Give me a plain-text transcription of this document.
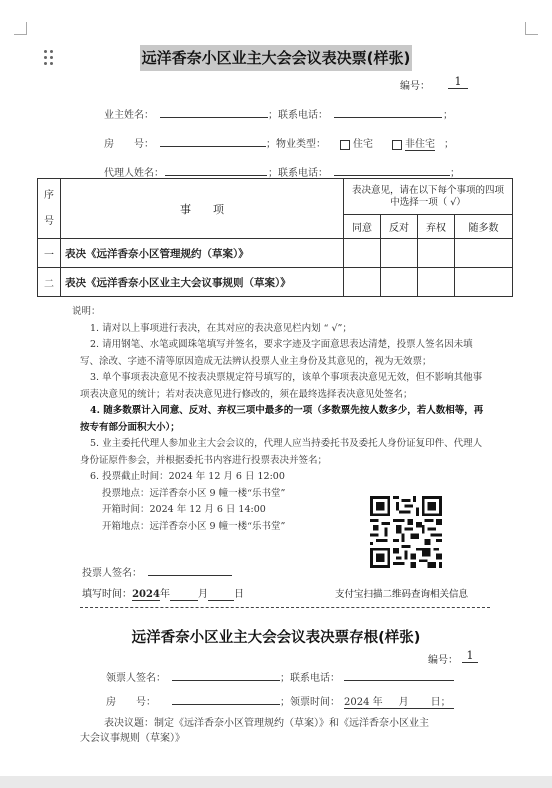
远洋香奈小区业主大会会议表决票(样张)
编号：	1
业主姓名：	；联系电话：	；
房　　号：	；物业类型：	住宅	非住宅 ；
代理人姓名：	；联系电话：	；
序
号	事　　项	表决意见，请在以下每个事项的四项中选择一项（ √）			
		同意	反对	弃权	随多数
一	表决《远洋香奈小区管理规约（草案）》				
二	表决《远洋香奈小区业主大会议事规则（草案）》				

说明：

1. 请对以上事项进行表决，在其对应的表决意见栏内划 “ √”；

2. 请用钢笔、水笔或圆珠笔填写并签名，要求字迹及字面意思表达清楚，投票人签名因未填写、涂改、字迹不清等原因造成无法辨认投票人业主身份及其意见的，视为无效票；

3. 单个事项表决意见不按表决票规定符号填写的，该单个事项表决意见无效，但不影响其他事项表决意见的统计；若对表决意见进行修改的，须在最终选择表决意见处签名；

4. 随多数票计入同意、反对、弃权三项中最多的一项（多数票先按人数多少，若人数相等，再按专有部分面积大小）；

5. 业主委托代理人参加业主大会会议的，代理人应当持委托书及委托人身份证复印件、代理人身份证原件参会，并根据委托书内容进行投票表决并签名；

6. 投票截止时间：2024 年 12 月 6 日 12:00

投票地点：远洋香奈小区 9 幢一楼“乐书堂”

开箱时间：2024 年 12 月 6 日 14:00

开箱地点：远洋香奈小区 9 幢一楼“乐书堂”

投票人签名：
填写时间：2024年	月	日	支付宝扫描二维码查询相关信息
远洋香奈小区业主大会会议表决票存根(样张)
编号： 1
领票人签名：	；联系电话：
房　　号：	；领票时间： 2024 年 月 日；
表决议题：制定《远洋香奈小区管理规约（草案）》和《远洋香奈小区业主
大会议事规则（草案）》
